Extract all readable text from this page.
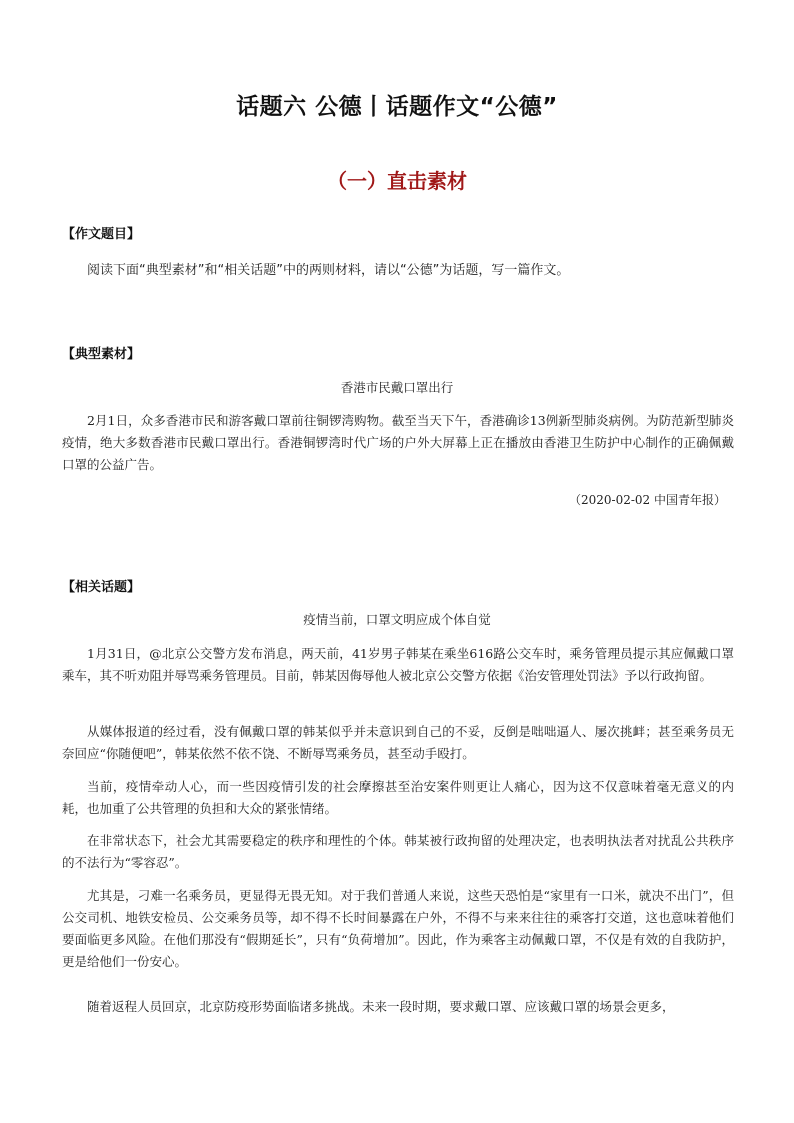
话题六 公德丨话题作文“公德”
（一）直击素材
【作文题目】
阅读下面“典型素材”和“相关话题”中的两则材料，请以“公德”为话题，写一篇作文。
【典型素材】
香港市民戴口罩出行
2月1日，众多香港市民和游客戴口罩前往铜锣湾购物。截至当天下午，香港确诊13例新型肺炎病例。为防范新型肺炎疫情，绝大多数香港市民戴口罩出行。香港铜锣湾时代广场的户外大屏幕上正在播放由香港卫生防护中心制作的正确佩戴口罩的公益广告。
（2020-02-02 中国青年报）
【相关话题】
疫情当前，口罩文明应成个体自觉
1月31日，@北京公交警方发布消息，两天前，41岁男子韩某在乘坐616路公交车时，乘务管理员提示其应佩戴口罩乘车，其不听劝阻并辱骂乘务管理员。目前，韩某因侮辱他人被北京公交警方依据《治安管理处罚法》予以行政拘留。
从媒体报道的经过看，没有佩戴口罩的韩某似乎并未意识到自己的不妥，反倒是咄咄逼人、屡次挑衅；甚至乘务员无奈回应“你随便吧”，韩某依然不依不饶、不断辱骂乘务员，甚至动手殴打。
当前，疫情牵动人心，而一些因疫情引发的社会摩擦甚至治安案件则更让人痛心，因为这不仅意味着毫无意义的内耗，也加重了公共管理的负担和大众的紧张情绪。
在非常状态下，社会尤其需要稳定的秩序和理性的个体。韩某被行政拘留的处理决定，也表明执法者对扰乱公共秩序的不法行为“零容忍”。
尤其是，刁难一名乘务员，更显得无畏无知。对于我们普通人来说，这些天恐怕是“家里有一口米，就决不出门”，但公交司机、地铁安检员、公交乘务员等，却不得不长时间暴露在户外，不得不与来来往往的乘客打交道，这也意味着他们要面临更多风险。在他们那没有“假期延长”，只有“负荷增加”。因此，作为乘客主动佩戴口罩，不仅是有效的自我防护，更是给他们一份安心。
随着返程人员回京，北京防疫形势面临诸多挑战。未来一段时期，要求戴口罩、应该戴口罩的场景会更多，
